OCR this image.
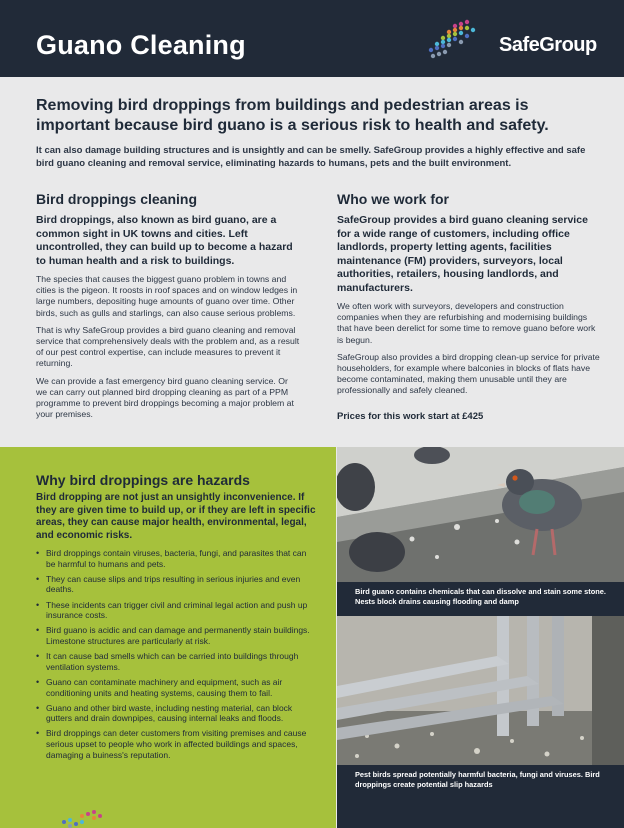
Guano Cleaning	SafeGroup
Removing bird droppings from buildings and pedestrian areas is important because bird guano is a serious risk to health and safety.

It can also damage building structures and is unsightly and can be smelly. SafeGroup provides a highly effective and safe bird guano cleaning and removal service, eliminating hazards to humans, pets and the built environment.

Bird droppings cleaning

Bird droppings, also known as bird guano, are a common sight in UK towns and cities. Left uncontrolled, they can build up to become a hazard to human health and a risk to buildings.

The species that causes the biggest guano problem in towns and cities is the pigeon. It roosts in roof spaces and on window ledges in large numbers, depositing huge amounts of guano over time. Other birds, such as gulls and starlings, can also cause serious problems.

That is why SafeGroup provides a bird guano cleaning and removal service that comprehensively deals with the problem and, as a result of our pest control expertise, can include measures to prevent it returning.

We can provide a fast emergency bird guano cleaning service. Or we can carry out planned bird dropping cleaning as part of a PPM programme to prevent bird droppings becoming a major problem at your premises.

Who we work for

SafeGroup provides a bird guano cleaning service for a wide range of customers, including office landlords, property letting agents, facilities maintenance (FM) providers, surveyors, local authorities, retailers, housing landlords, and manufacturers.

We often work with surveyors, developers and construction companies when they are refurbishing and modernising buildings that have been derelict for some time to remove guano before work is begun.

SafeGroup also provides a bird dropping clean-up service for private householders, for example where balconies in blocks of flats have become contaminated, making them unusable until they are professionally and safely cleaned.

Prices for this work start at £425

Why bird droppings are hazards

Bird dropping are not just an unsightly inconvenience. If they are given time to build up, or if they are left in specific areas, they can cause major health, environmental, legal, and economic risks.

• Bird droppings contain viruses, bacteria, fungi, and parasites that can be harmful to humans and pets.
• They can cause slips and trips resulting in serious injuries and even deaths.
• These incidents can trigger civil and criminal legal action and push up insurance costs.
• Bird guano is acidic and can damage and permanently stain buildings. Limestone structures are particularly at risk.
• It can cause bad smells which can be carried into buildings through ventilation systems.
• Guano can contaminate machinery and equipment, such as air conditioning units and heating systems, causing them to fail.
• Guano and other bird waste, including nesting material, can block gutters and drain downpipes, causing internal leaks and floods.
• Bird droppings can deter customers from visiting premises and cause serious upset to people who work in affected buildings and spaces, damaging a buiness's reputation.
Bird guano contains chemicals that can dissolve and stain some stone. Nests block drains causing flooding and damp
Pest birds spread potentially harmful bacteria, fungi and viruses. Bird droppings create potential slip hazards
